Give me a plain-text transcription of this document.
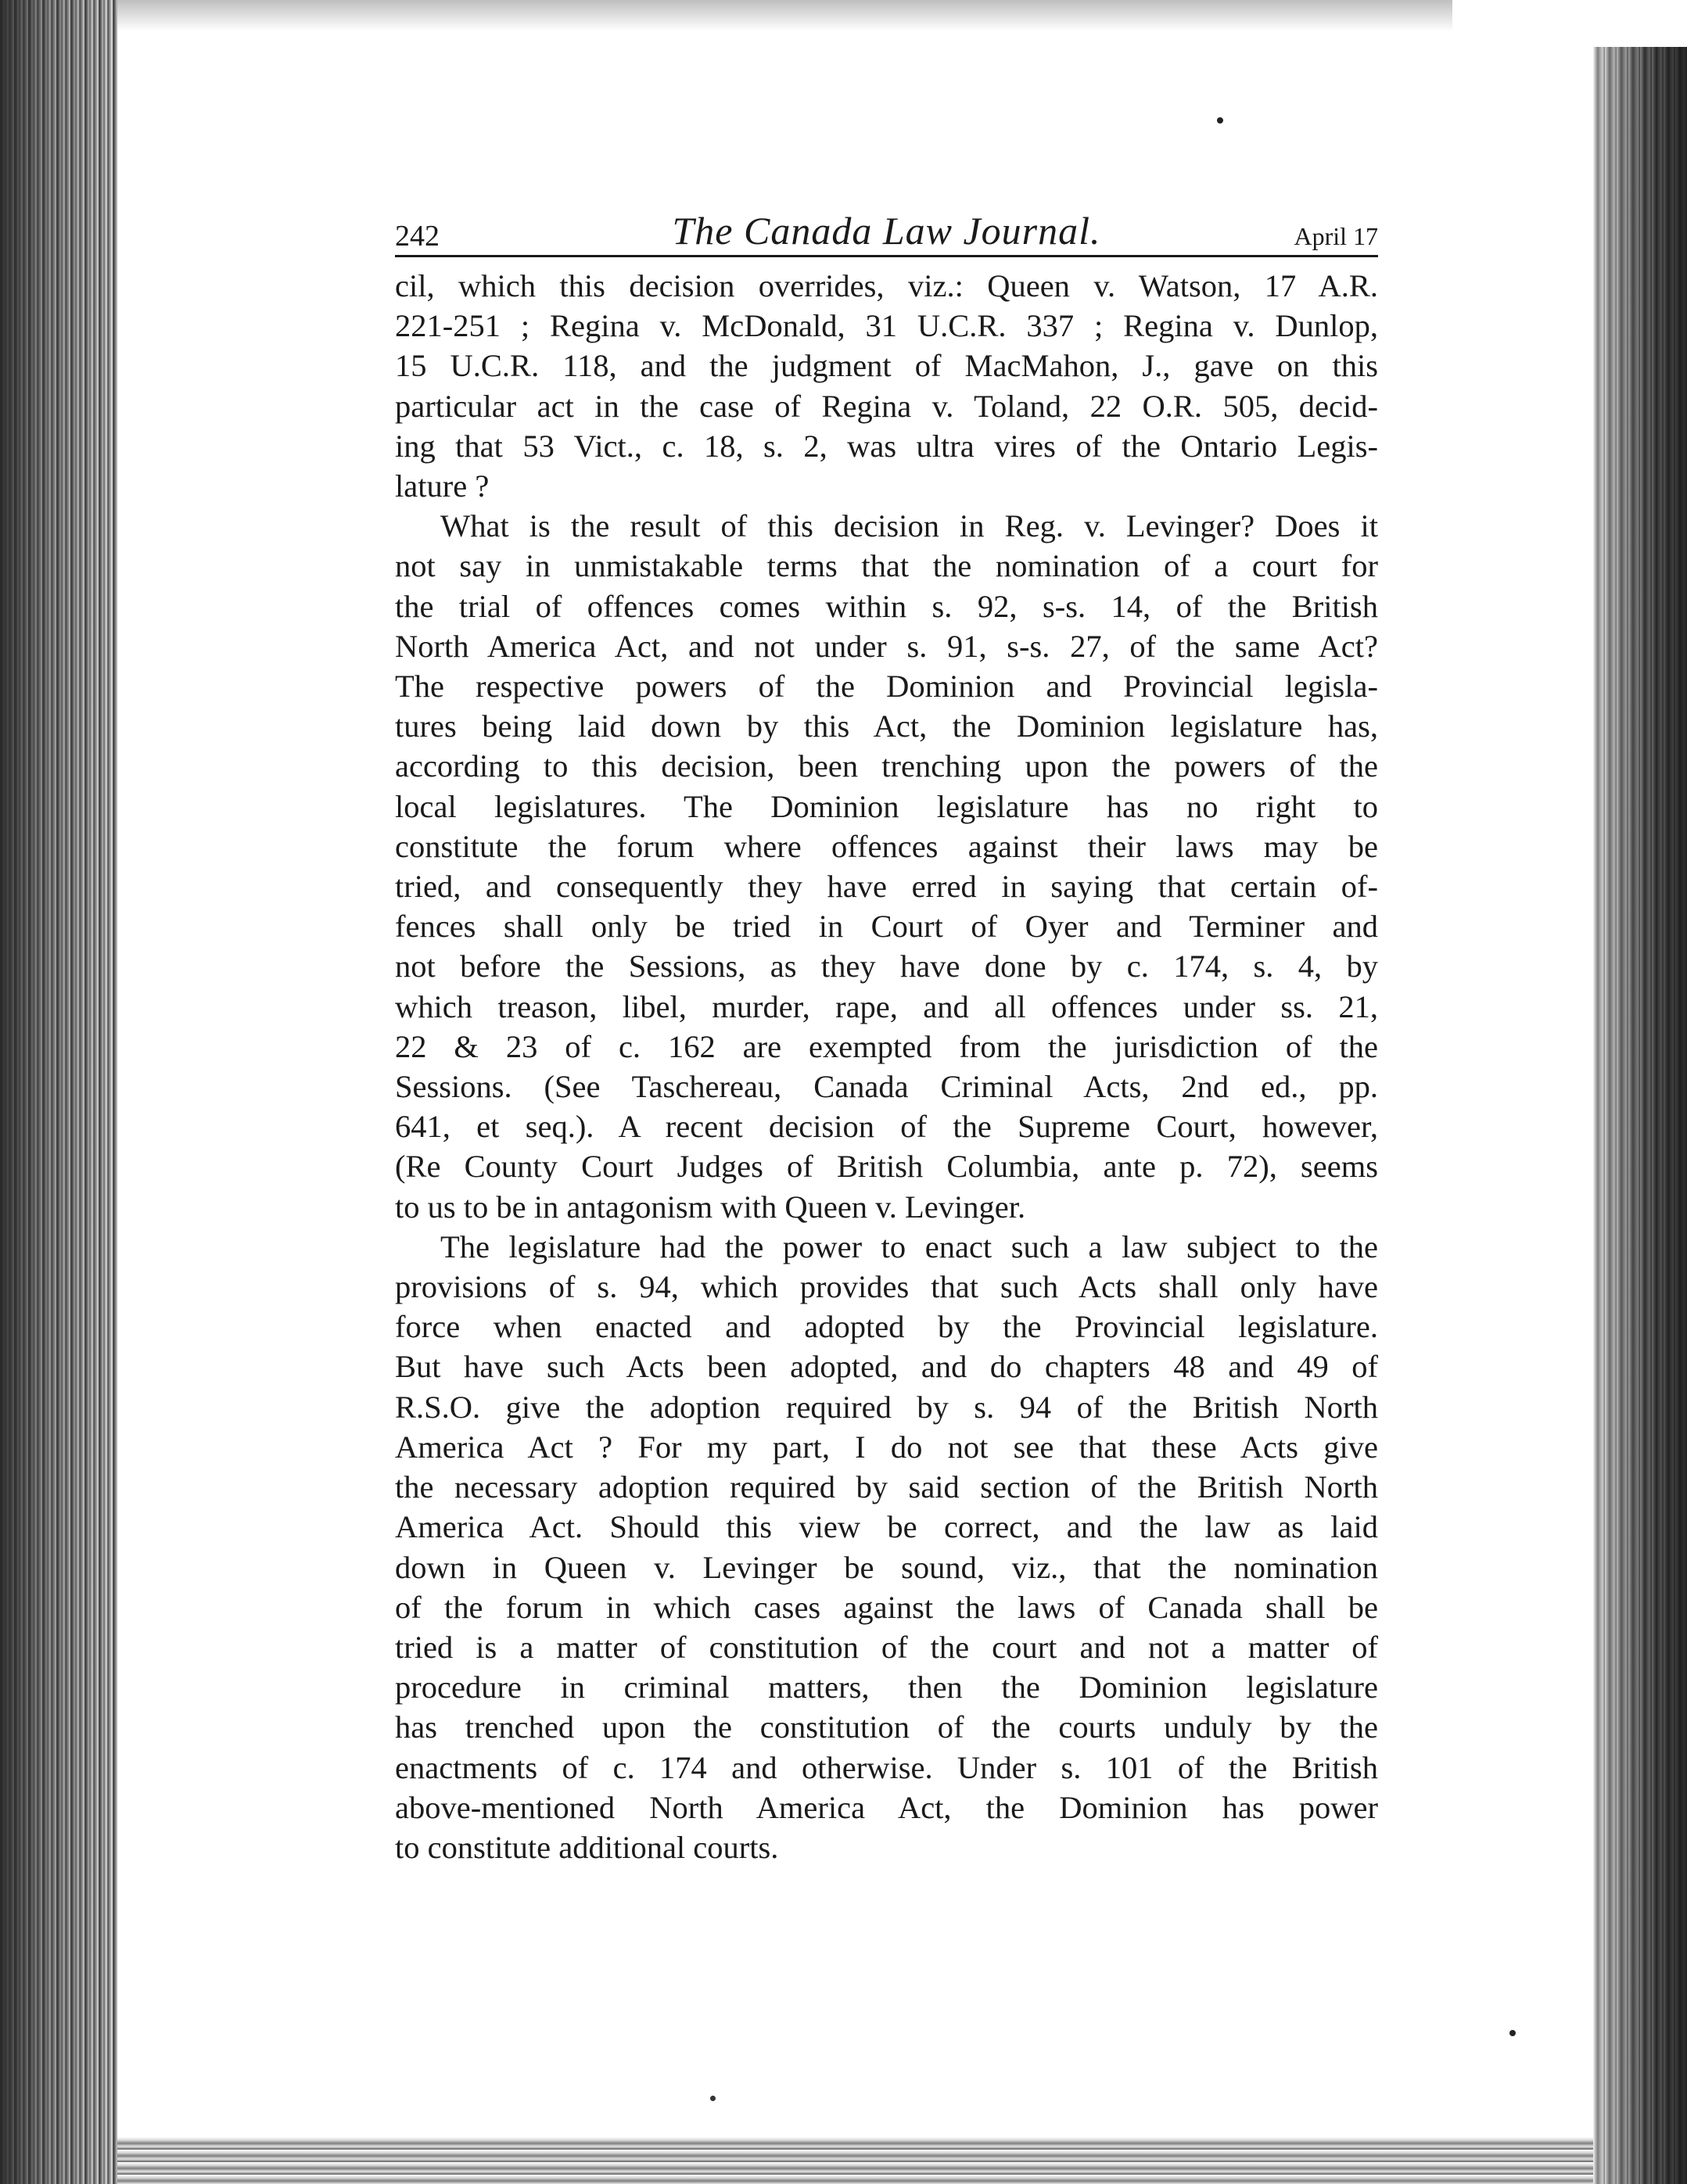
242	The Canada Law Journal.	April 17
cil, which this decision overrides, viz.: Queen v. Watson, 17 A.R.
221-251 ; Regina v. McDonald, 31 U.C.R. 337 ; Regina v. Dunlop,
15 U.C.R. 118, and the judgment of MacMahon, J., gave on this
particular act in the case of Regina v. Toland, 22 O.R. 505, decid-
ing that 53 Vict., c. 18, s. 2, was ultra vires of the Ontario Legis-
lature ?
What is the result of this decision in Reg. v. Levinger? Does it
not say in unmistakable terms that the nomination of a court for
the trial of offences comes within s. 92, s-s. 14, of the British
North America Act, and not under s. 91, s-s. 27, of the same Act?
The respective powers of the Dominion and Provincial legisla-
tures being laid down by this Act, the Dominion legislature has,
according to this decision, been trenching upon the powers of the
local legislatures. The Dominion legislature has no right to
constitute the forum where offences against their laws may be
tried, and consequently they have erred in saying that certain of-
fences shall only be tried in Court of Oyer and Terminer and
not before the Sessions, as they have done by c. 174, s. 4, by
which treason, libel, murder, rape, and all offences under ss. 21,
22 & 23 of c. 162 are exempted from the jurisdiction of the
Sessions. (See Taschereau, Canada Criminal Acts, 2nd ed., pp.
641, et seq.). A recent decision of the Supreme Court, however,
(Re County Court Judges of British Columbia, ante p. 72), seems
to us to be in antagonism with Queen v. Levinger.
The legislature had the power to enact such a law subject to the
provisions of s. 94, which provides that such Acts shall only have
force when enacted and adopted by the Provincial legislature.
But have such Acts been adopted, and do chapters 48 and 49 of
R.S.O. give the adoption required by s. 94 of the British North
America Act ? For my part, I do not see that these Acts give
the necessary adoption required by said section of the British North
America Act. Should this view be correct, and the law as laid
down in Queen v. Levinger be sound, viz., that the nomination
of the forum in which cases against the laws of Canada shall be
tried is a matter of constitution of the court and not a matter of
procedure in criminal matters, then the Dominion legislature
has trenched upon the constitution of the courts unduly by the
enactments of c. 174 and otherwise. Under s. 101 of the British
above-mentioned North America Act, the Dominion has power
to constitute additional courts.
